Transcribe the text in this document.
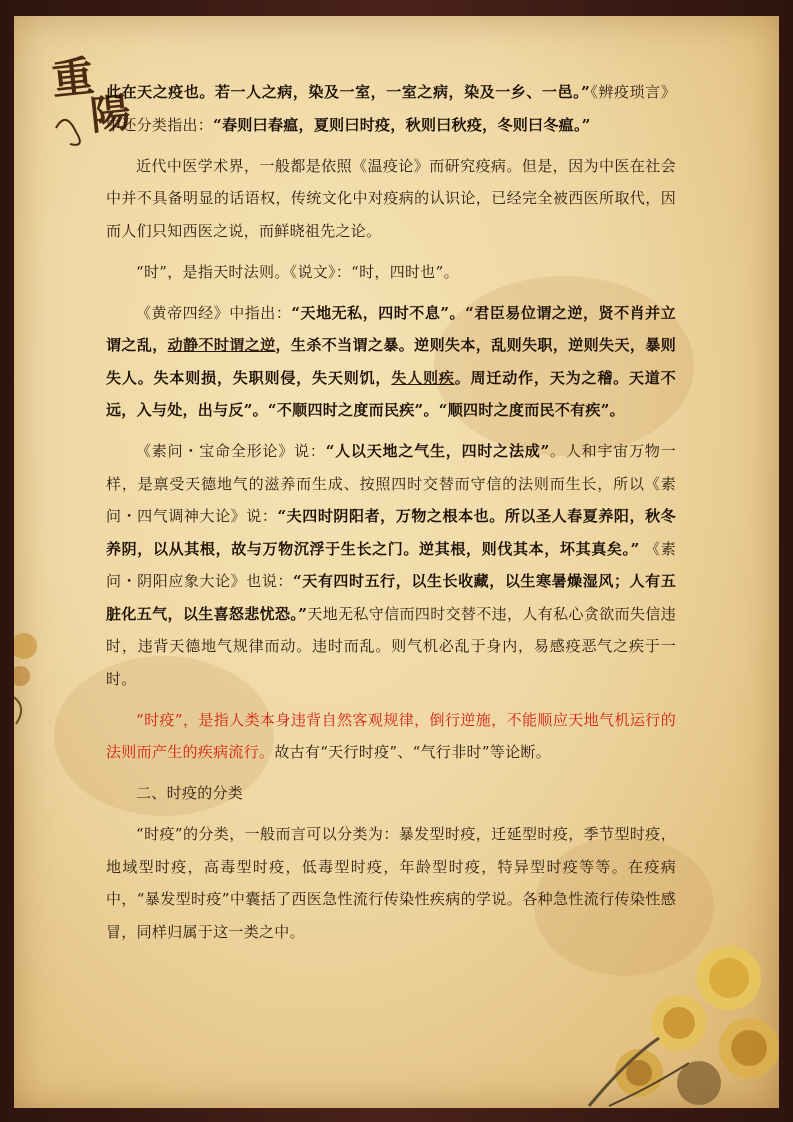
重
陽

此在天之疫也。若一人之病，染及一室，一室之病，染及一乡、一邑。”《辨疫琐言》中还分类指出：“春则曰春瘟，夏则曰时疫，秋则曰秋疫，冬则曰冬瘟。”

近代中医学术界，一般都是依照《温疫论》而研究疫病。但是，因为中医在社会中并不具备明显的话语权，传统文化中对疫病的认识论，已经完全被西医所取代，因而人们只知西医之说，而鲜晓祖先之论。

“时”，是指天时法则。《说文》：“时，四时也”。

《黄帝四经》中指出：“天地无私，四时不息”。“君臣易位谓之逆，贤不肖并立谓之乱，动静不时谓之逆，生杀不当谓之暴。逆则失本，乱则失职，逆则失天，暴则失人。失本则损，失职则侵，失天则饥，失人则疾。周迁动作，天为之稽。天道不远，入与处，出与反”。“不顺四时之度而民疾”。“顺四时之度而民不有疾”。

《素问・宝命全形论》说：“人以天地之气生，四时之法成”。人和宇宙万物一样，是禀受天德地气的滋养而生成、按照四时交替而守信的法则而生长，所以《素问・四气调神大论》说：“夫四时阴阳者，万物之根本也。所以圣人春夏养阳，秋冬养阴，以从其根，故与万物沉浮于生长之门。逆其根，则伐其本，坏其真矣。” 《素问・阴阳应象大论》也说：“天有四时五行，以生长收藏，以生寒暑燥湿风；人有五脏化五气，以生喜怒悲忧恐。”天地无私守信而四时交替不违，人有私心贪欲而失信违时，违背天德地气规律而动。违时而乱。则气机必乱于身内，易感疫恶气之疾于一时。

“时疫”，是指人类本身违背自然客观规律，倒行逆施，不能顺应天地气机运行的法则而产生的疾病流行。故古有“天行时疫”、“气行非时”等论断。

二、时疫的分类

“时疫”的分类，一般而言可以分类为：暴发型时疫，迁延型时疫，季节型时疫，地域型时疫，高毒型时疫，低毒型时疫，年龄型时疫，特异型时疫等等。在疫病中，“暴发型时疫”中囊括了西医急性流行传染性疾病的学说。各种急性流行传染性感冒，同样归属于这一类之中。
